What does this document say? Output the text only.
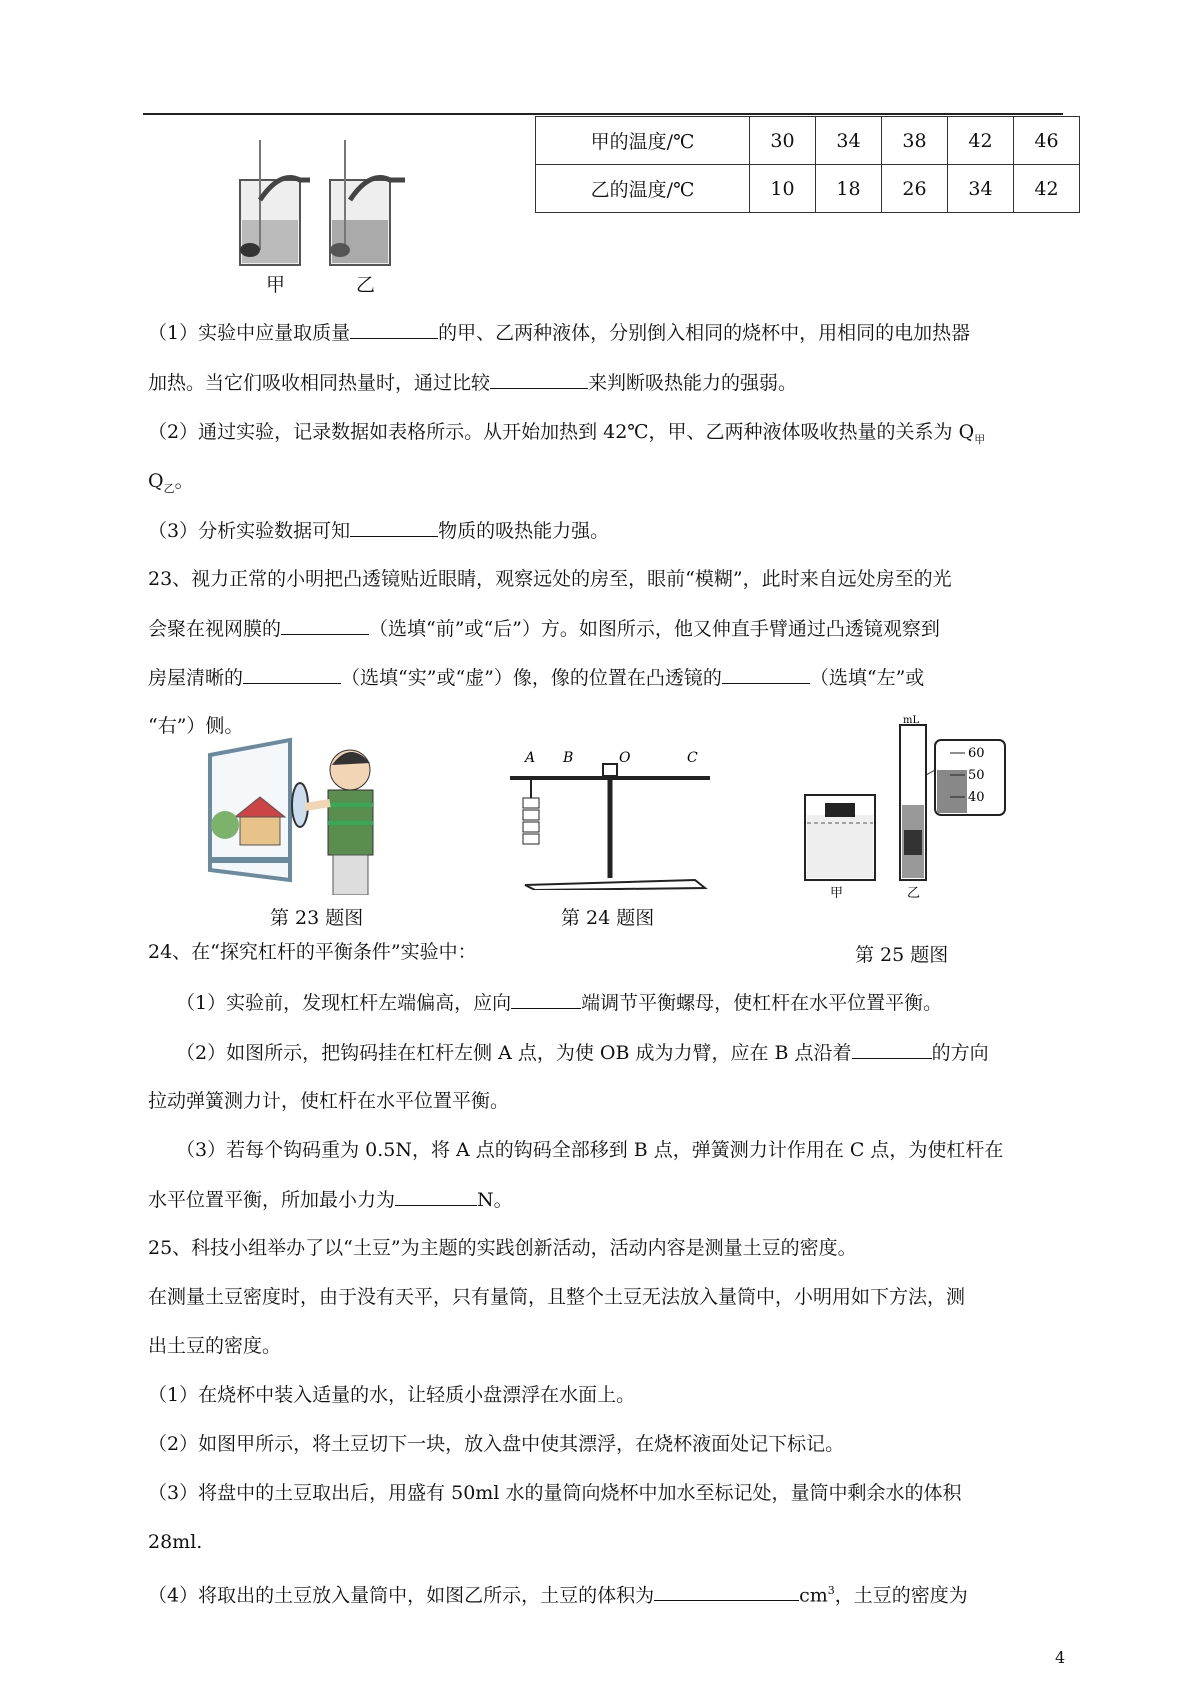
甲	乙
甲的温度/℃	30	34	38	42	46
乙的温度/℃	10	18	26	34	42
（1）实验中应量取质量	的甲、乙两种液体，分别倒入相同的烧杯中，用相同的电加热器
加热。当它们吸收相同热量时，通过比较	来判断吸热能力的强弱。
（2）通过实验，记录数据如表格所示。从开始加热到 42℃，甲、乙两种液体吸收热量的关系为 $Q_甲$
$Q_乙$。
（3）分析实验数据可知	物质的吸热能力强。
23、视力正常的小明把凸透镜贴近眼睛，观察远处的房至，眼前“模糊”，此时来自远处房至的光
会聚在视网膜的	（选填“前”或“后”）方。如图所示，他又伸直手臂通过凸透镜观察到
房屋清晰的	（选填“实”或“虚”）像，像的位置在凸透镜的	（选填“左”或
“右”）侧。
第 23 题图
A B	O	C
第 24 题图
mL
60
50
40
甲	乙
24、在“探究杠杆的平衡条件”实验中：	第 25 题图
（1）实验前，发现杠杆左端偏高，应向	端调节平衡螺母，使杠杆在水平位置平衡。
（2）如图所示，把钩码挂在杠杆左侧 A 点，为使 OB 成为力臂，应在 B 点沿着	的方向
拉动弹簧测力计，使杠杆在水平位置平衡。
（3）若每个钩码重为 0.5N，将 A 点的钩码全部移到 B 点，弹簧测力计作用在 C 点，为使杠杆在
水平位置平衡，所加最小力为	N。
25、科技小组举办了以“土豆”为主题的实践创新活动，活动内容是测量土豆的密度。
在测量土豆密度时，由于没有天平，只有量筒，且整个土豆无法放入量筒中，小明用如下方法，测
出土豆的密度。
（1）在烧杯中装入适量的水，让轻质小盘漂浮在水面上。
（2）如图甲所示，将土豆切下一块，放入盘中使其漂浮，在烧杯液面处记下标记。
（3）将盘中的土豆取出后，用盛有 50ml 水的量筒向烧杯中加水至标记处，量筒中剩余水的体积
28ml.
（4）将取出的土豆放入量筒中，如图乙所示，土豆的体积为	$cm^3$，土豆的密度为
4
